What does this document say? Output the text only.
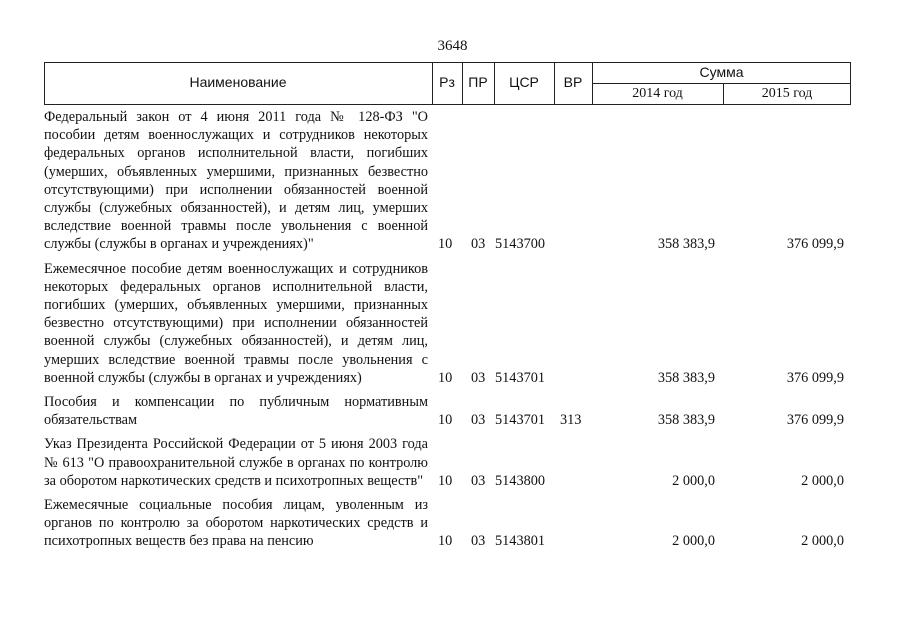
3648
Наименование	Рз ПР	ЦСР	ВР
Сумма
2014 год	2015 год
Федеральный закон от 4 июня 2011 года № 128-ФЗ "О пособии детям военнослужащих и сотрудников некоторых федеральных органов исполнительной власти, погибших (умерших, объявленных умершими, признанных безвестно отсутствующими) при исполнении обязанностей военной службы (служебных обязанностей), и детям лиц, умерших вследствие военной травмы после увольнения с военной службы (службы в органах и учреждениях)"	10 03 5143700	358 383,9	376 099,9
Ежемесячное пособие детям военнослужащих и сотрудников некоторых федеральных органов исполнительной власти, погибших (умерших, объявленных умершими, признанных безвестно отсутствующими) при исполнении обязанностей военной службы (служебных обязанностей), и детям лиц, умерших вследствие военной травмы после увольнения с военной службы (службы в органах и учреждениях)	10 03 5143701	358 383,9	376 099,9
Пособия и компенсации по публичным нормативным обязательствам	10 03 5143701 313	358 383,9	376 099,9
Указ Президента Российской Федерации от 5 июня 2003 года № 613 "О правоохранительной службе в органах по контролю за оборотом наркотических средств и психотропных веществ"	10 03 5143800	2 000,0	2 000,0
Ежемесячные социальные пособия лицам, уволенным из органов по контролю за оборотом наркотических средств и психотропных веществ без права на пенсию	10 03 5143801	2 000,0	2 000,0
